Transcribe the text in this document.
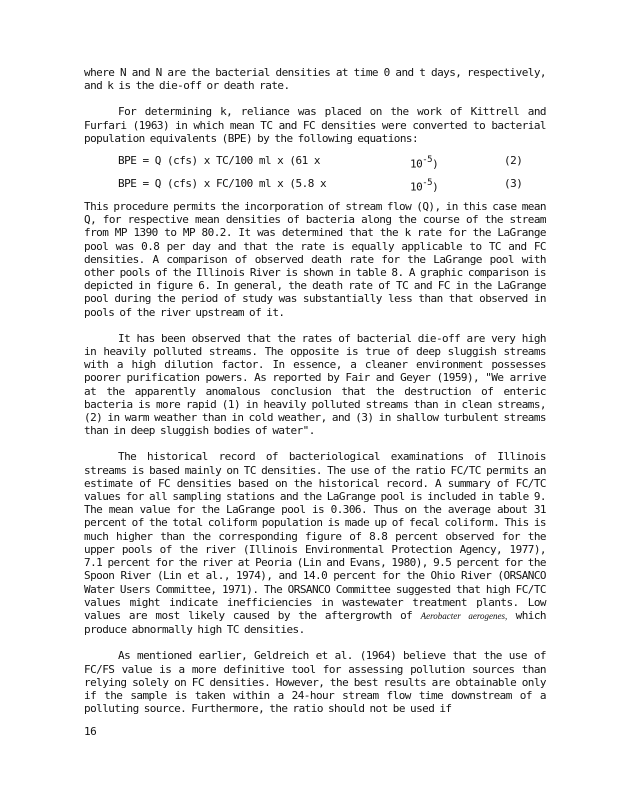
where N and N are the bacterial densities at time 0 and t days, respectively, and k is the die-off or death rate.

For determining k, reliance was placed on the work of Kittrell and Furfari (1963) in which mean TC and FC densities were converted to bacterial population equivalents (BPE) by the following equations:

BPE = Q (cfs) x TC/100 ml x (61 x	$10^{-5}$)	(2)
BPE = Q (cfs) x FC/100 ml x (5.8 x	$10^{-5}$)	(3)

This procedure permits the incorporation of stream flow (Q), in this case mean Q, for respective mean densities of bacteria along the course of the stream from MP 1390 to MP 80.2. It was determined that the k rate for the LaGrange pool was 0.8 per day and that the rate is equally applicable to TC and FC densities. A comparison of observed death rate for the LaGrange pool with other pools of the Illinois River is shown in table 8. A graphic comparison is depicted in figure 6. In general, the death rate of TC and FC in the LaGrange pool during the period of study was substantially less than that observed in pools of the river upstream of it.

It has been observed that the rates of bacterial die-off are very high in heavily polluted streams. The opposite is true of deep sluggish streams with a high dilution factor. In essence, a cleaner environment possesses poorer purification powers. As reported by Fair and Geyer (1959), "We arrive at the apparently anomalous conclusion that the destruction of enteric bacteria is more rapid (1) in heavily polluted streams than in clean streams, (2) in warm weather than in cold weather, and (3) in shallow turbulent streams than in deep sluggish bodies of water".

The historical record of bacteriological examinations of Illinois streams is based mainly on TC densities. The use of the ratio FC/TC permits an estimate of FC densities based on the historical record. A summary of FC/TC values for all sampling stations and the LaGrange pool is included in table 9. The mean value for the LaGrange pool is 0.306. Thus on the average about 31 percent of the total coliform population is made up of fecal coliform. This is much higher than the corresponding figure of 8.8 percent observed for the upper pools of the river (Illinois Environmental Protection Agency, 1977), 7.1 percent for the river at Peoria (Lin and Evans, 1980), 9.5 percent for the Spoon River (Lin et al., 1974), and 14.0 percent for the Ohio River (ORSANCO Water Users Committee, 1971). The ORSANCO Committee suggested that high FC/TC values might indicate inefficiencies in wastewater treatment plants. Low values are most likely caused by the aftergrowth of Aerobacter aerogenes, which produce abnormally high TC densities.

As mentioned earlier, Geldreich et al. (1964) believe that the use of FC/FS value is a more definitive tool for assessing pollution sources than relying solely on FC densities. However, the best results are obtainable only if the sample is taken within a 24-hour stream flow time downstream of a polluting source. Furthermore, the ratio should not be used if

16
